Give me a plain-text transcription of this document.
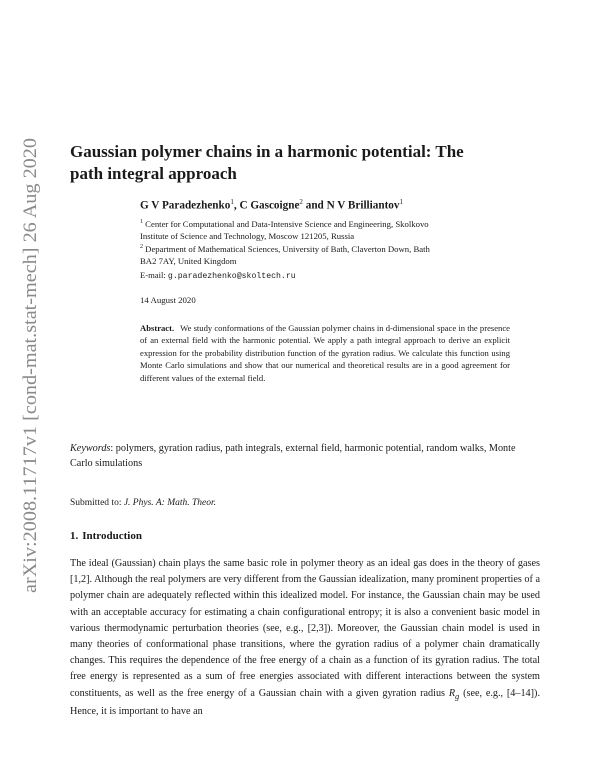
arXiv:2008.11717v1 [cond-mat.stat-mech] 26 Aug 2020
Gaussian polymer chains in a harmonic potential: The
path integral approach

G V Paradezhenko$^1$, C Gascoigne$^2$ and N V Brilliantov$^1$

$^1$ Center for Computational and Data-Intensive Science and Engineering, Skolkovo
Institute of Science and Technology, Moscow 121205, Russia

$^2$ Department of Mathematical Sciences, University of Bath, Claverton Down, Bath
BA2 7AY, United Kingdom

E-mail: g.paradezhenko@skoltech.ru
14 August 2020

Abstract. We study conformations of the Gaussian polymer chains in d-dimensional space in the presence of an external field with the harmonic potential. We apply a path integral approach to derive an explicit expression for the probability distribution function of the gyration radius. We calculate this function using Monte Carlo simulations and show that our numerical and theoretical results are in a good agreement for different values of the external field.

Keywords: polymers, gyration radius, path integrals, external field, harmonic potential, random walks, Monte Carlo simulations

Submitted to: J. Phys. A: Math. Theor.
1. Introduction

The ideal (Gaussian) chain plays the same basic role in polymer theory as an ideal gas does in the theory of gases [1,2]. Although the real polymers are very different from the Gaussian idealization, many prominent properties of a polymer chain are adequately reflected within this idealized model. For instance, the Gaussian chain may be used with an acceptable accuracy for estimating a chain configurational entropy; it is also a convenient basic model in various thermodynamic perturbation theories (see, e.g., [2,3]). Moreover, the Gaussian chain model is used in many theories of conformational phase transitions, where the gyration radius of a polymer chain dramatically changes. This requires the dependence of the free energy of a chain as a function of its gyration radius. The total free energy is represented as a sum of free energies associated with different interactions between the system constituents, as well as the free energy of a Gaussian chain with a given gyration radius $R_g$ (see, e.g., [4–14]). Hence, it is important to have an
